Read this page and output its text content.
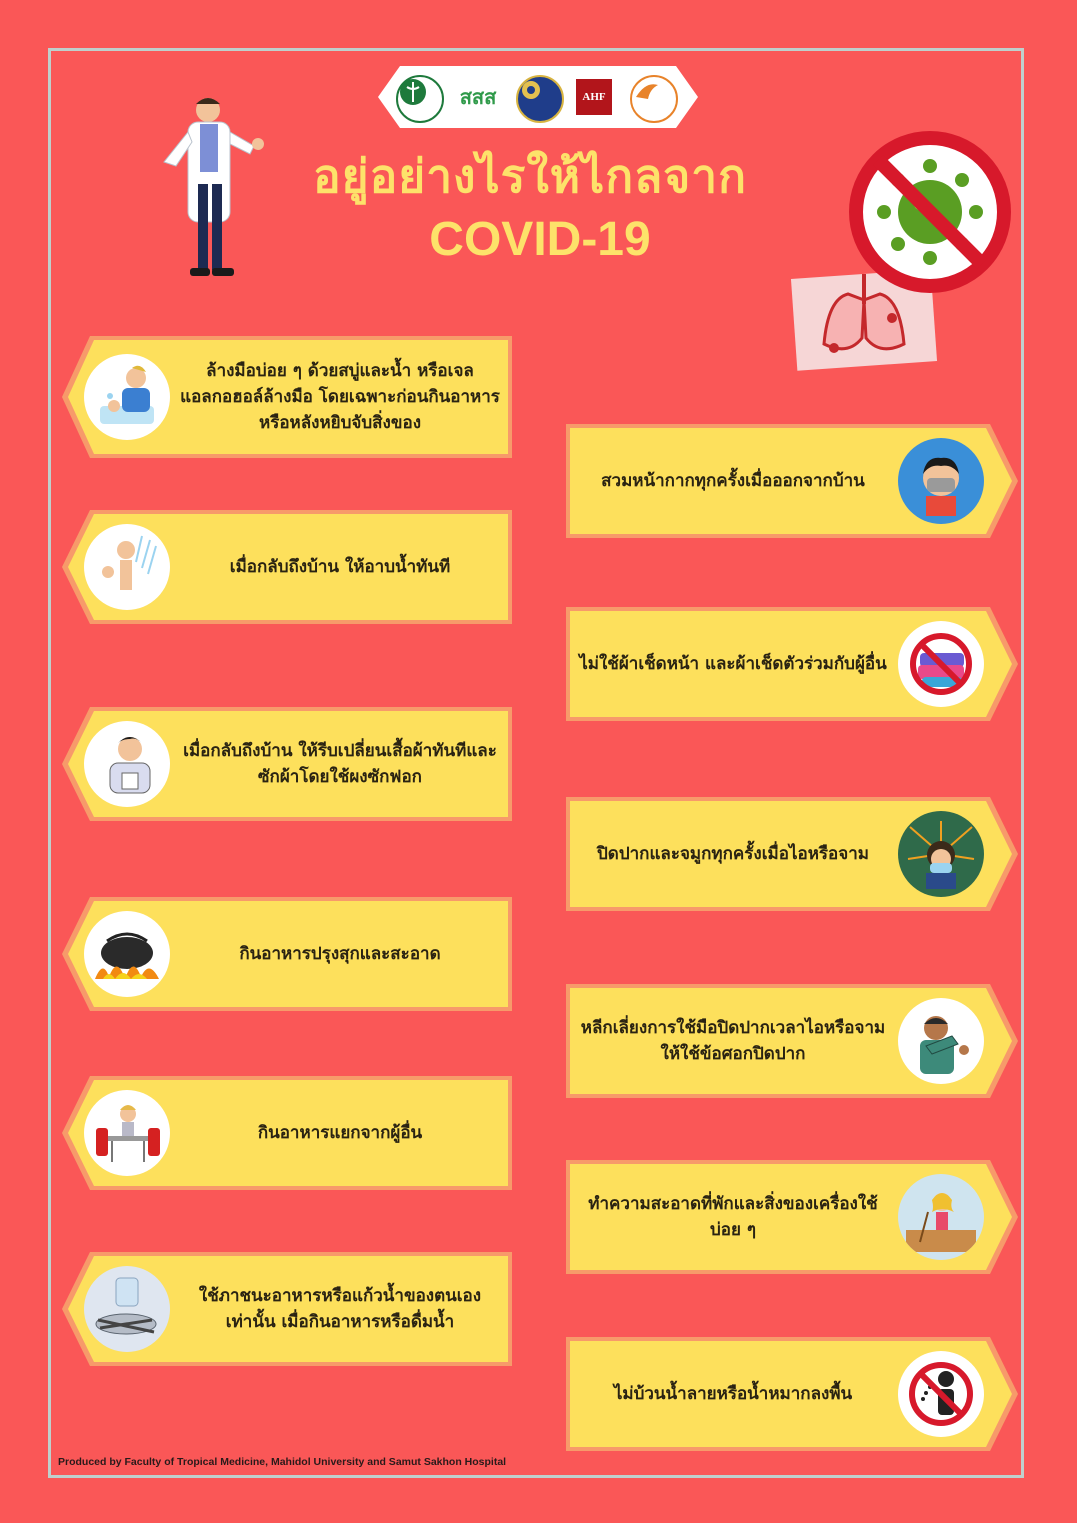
สสส	AHF
อยู่อย่างไรให้ไกลจาก
COVID-19
ล้างมือบ่อย ๆ ด้วยสบู่และน้ำ หรือเจลแอลกอฮอล์ล้างมือ โดยเฉพาะก่อนกินอาหารหรือหลังหยิบจับสิ่งของ
เมื่อกลับถึงบ้าน ให้อาบน้ำทันที
เมื่อกลับถึงบ้าน ให้รีบเปลี่ยนเสื้อผ้าทันทีและซักผ้าโดยใช้ผงซักฟอก
กินอาหารปรุงสุกและสะอาด
กินอาหารแยกจากผู้อื่น
ใช้ภาชนะอาหารหรือแก้วน้ำของตนเองเท่านั้น เมื่อกินอาหารหรือดื่มน้ำ
สวมหน้ากากทุกครั้งเมื่อออกจากบ้าน
ไม่ใช้ผ้าเช็ดหน้า และผ้าเช็ดตัวร่วมกับผู้อื่น
ปิดปากและจมูกทุกครั้งเมื่อไอหรือจาม
หลีกเลี่ยงการใช้มือปิดปากเวลาไอหรือจาม ให้ใช้ข้อศอกปิดปาก
ทำความสะอาดที่พักและสิ่งของเครื่องใช้บ่อย ๆ
ไม่บ้วนน้ำลายหรือน้ำหมากลงพื้น
Produced by Faculty of Tropical Medicine, Mahidol University and Samut Sakhon Hospital
